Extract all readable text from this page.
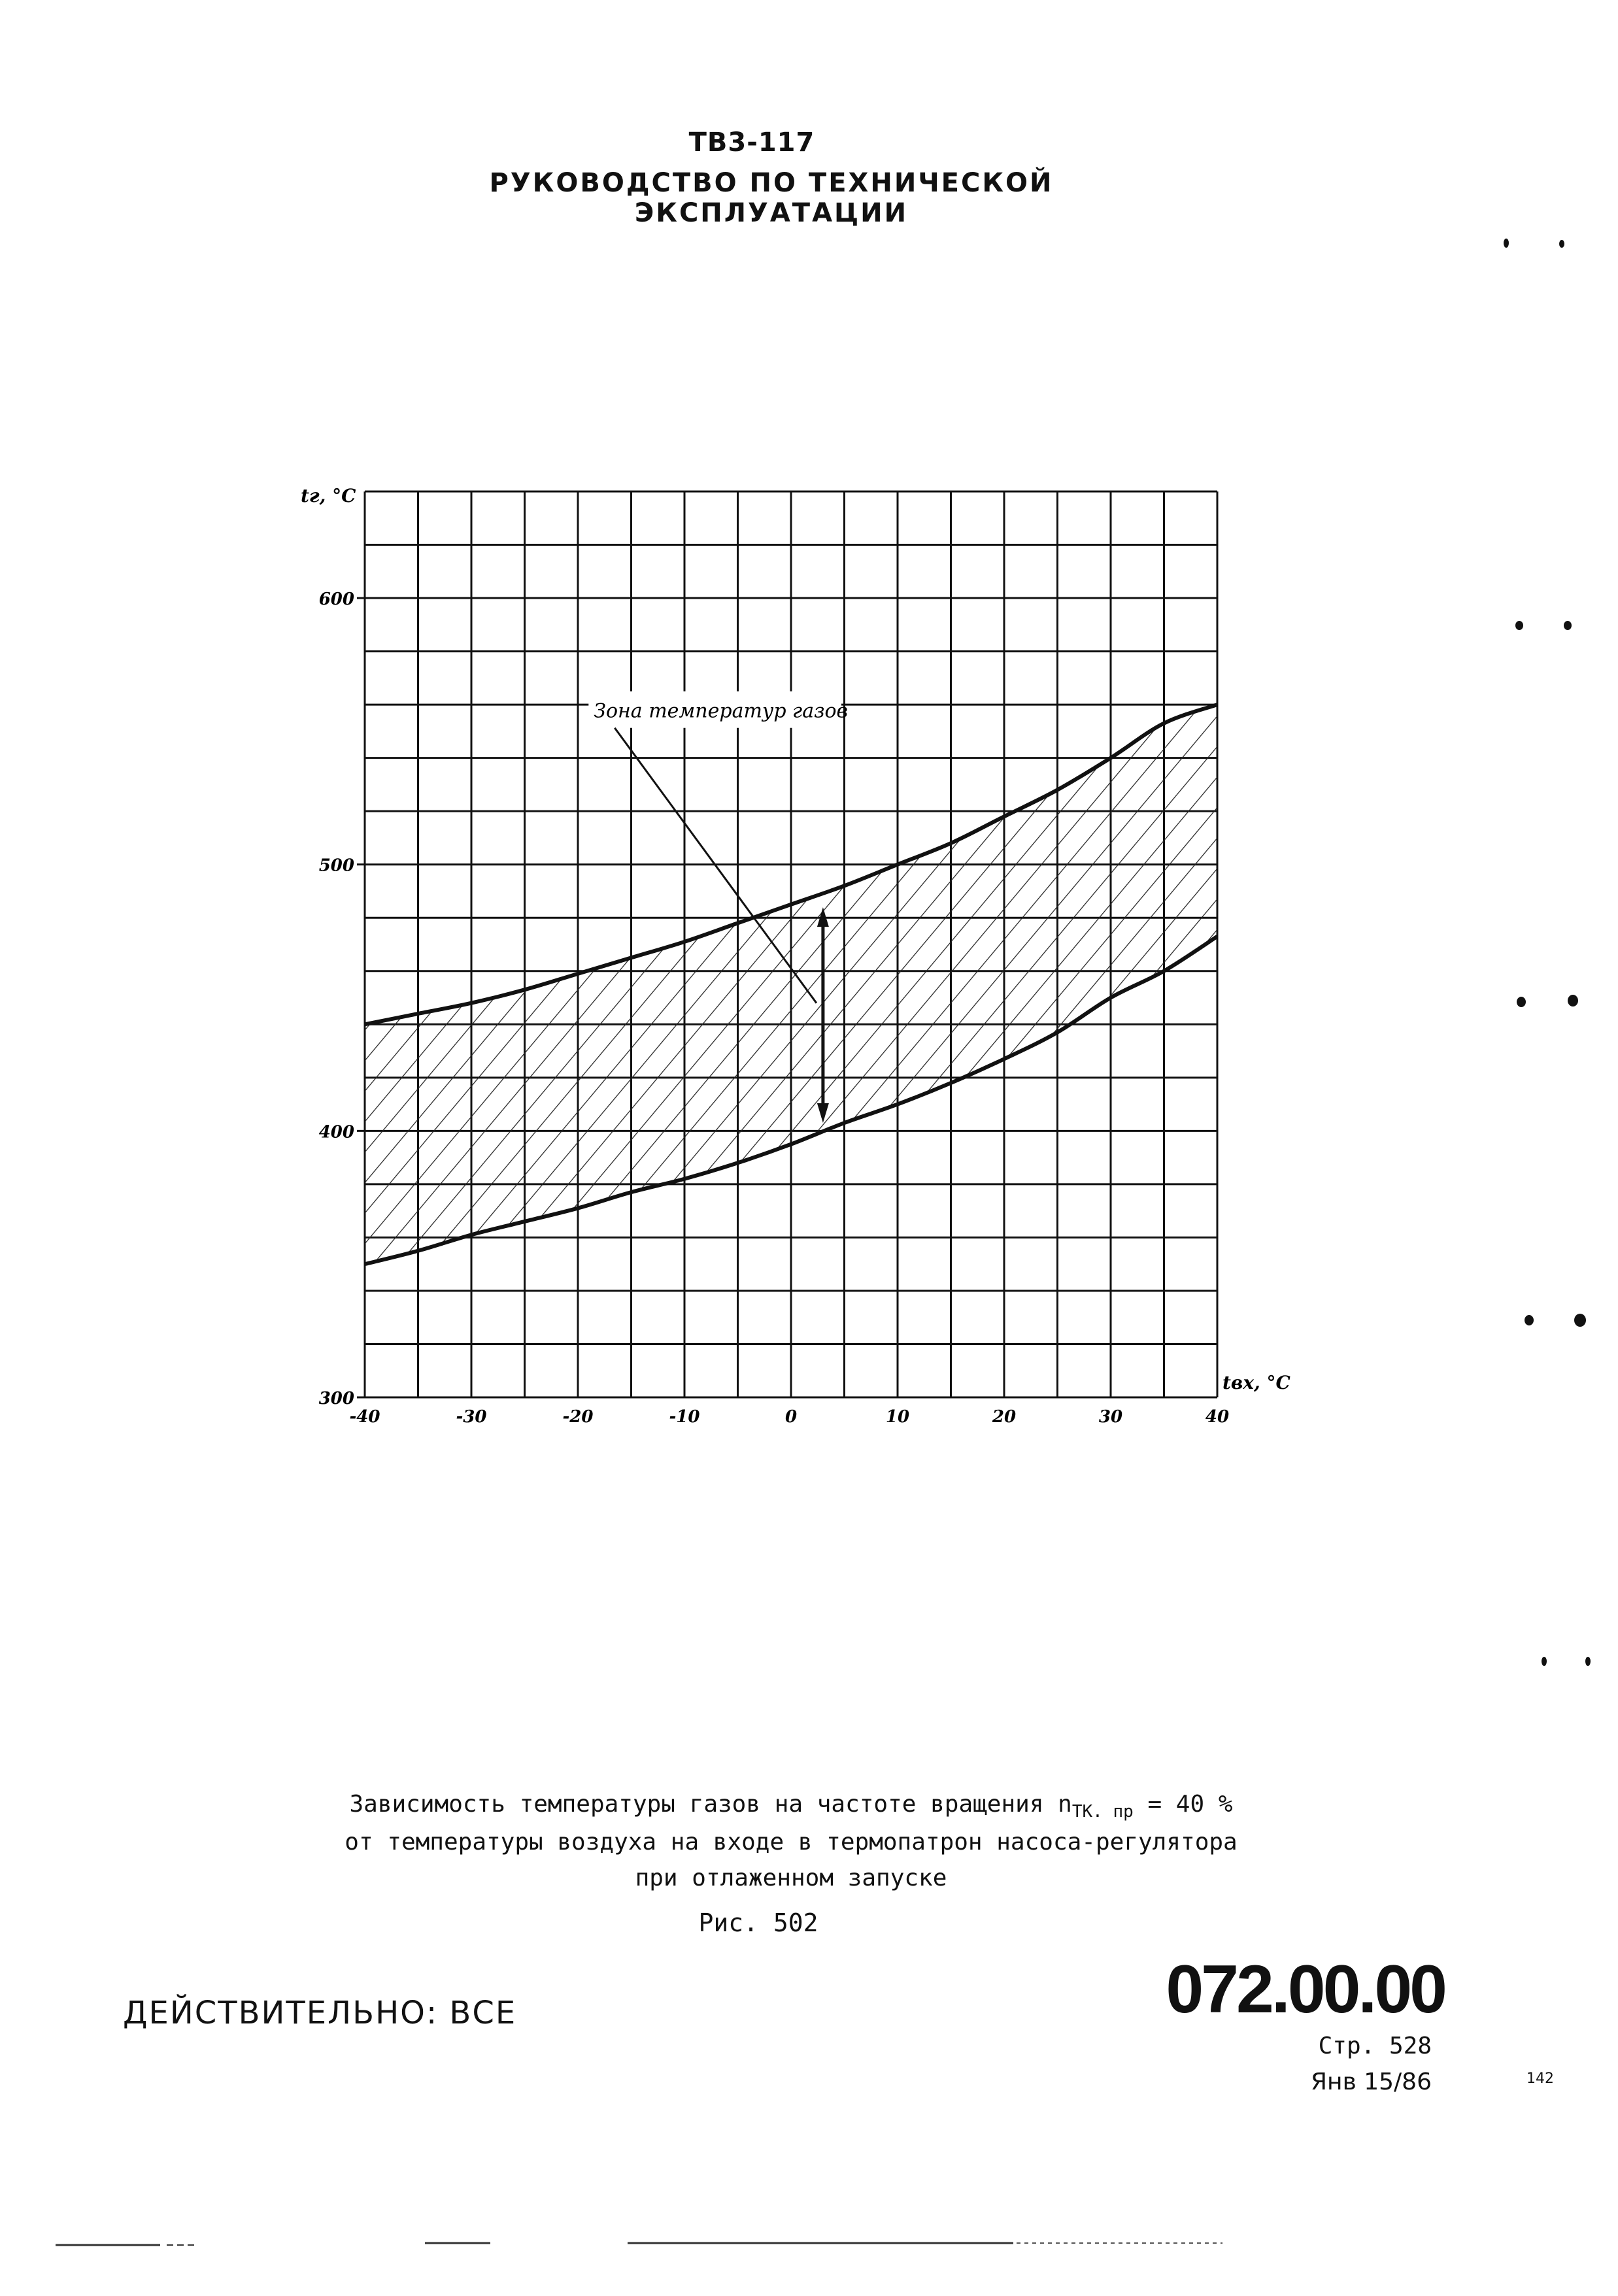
ТВ3-117
РУКОВОДСТВО ПО ТЕХНИЧЕСКОЙ ЭКСПЛУАТАЦИИ
Зона температур газов
300
400
500
600
-40	-30	-20	-10	0	10	20	30	40
tг, °C
tвх, °C
Зависимость температуры газов на частоте вращения $n_{ТК. пр} = 40$ %
от температуры воздуха на входе в термопатрон насоса-регулятора
при отлаженном запуске
Рис. 502
ДЕЙСТВИТЕЛЬНО: ВСЕ	072.00.00
Стр. 528
Янв 15/86	142
